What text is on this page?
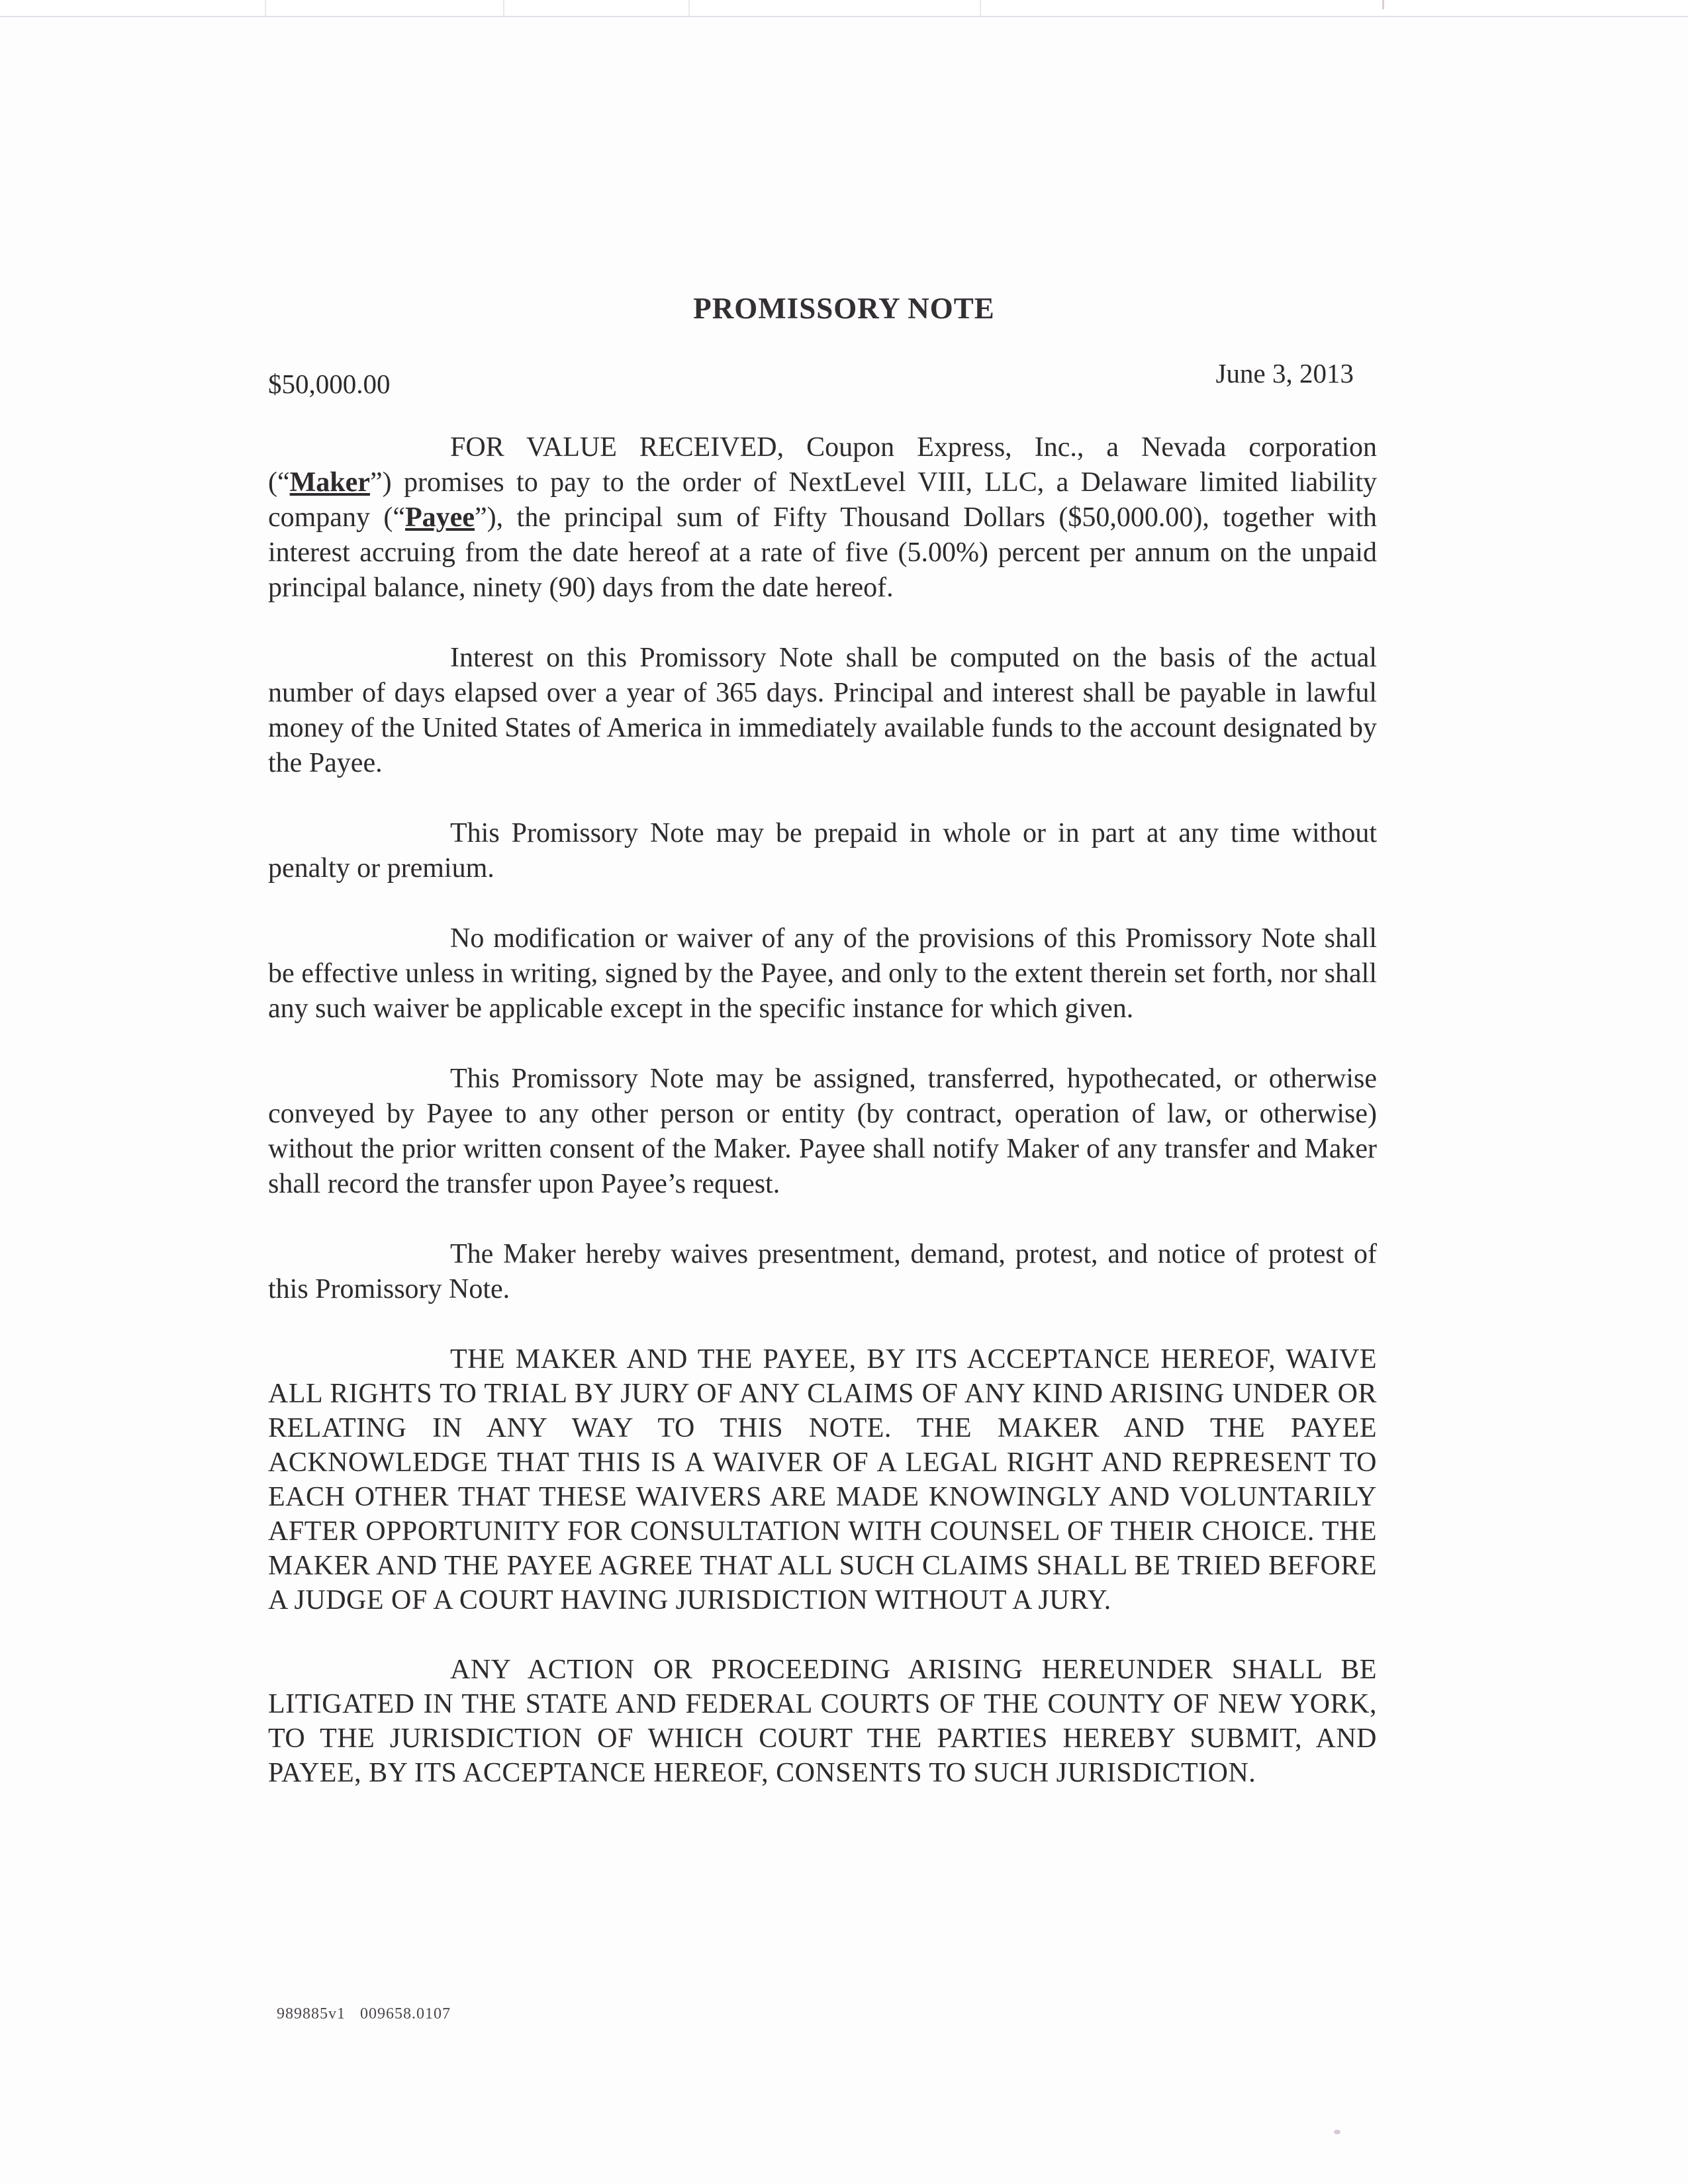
PROMISSORY NOTE
$50,000.00	June 3, 2013

FOR VALUE RECEIVED, Coupon Express, Inc., a Nevada corporation (“Maker”) promises to pay to the order of NextLevel VIII, LLC, a Delaware limited liability company (“Payee”), the principal sum of Fifty Thousand Dollars ($50,000.00), together with interest accruing from the date hereof at a rate of five (5.00%) percent per annum on the unpaid principal balance, ninety (90) days from the date hereof.

Interest on this Promissory Note shall be computed on the basis of the actual number of days elapsed over a year of 365 days. Principal and interest shall be payable in lawful money of the United States of America in immediately available funds to the account designated by the Payee.

This Promissory Note may be prepaid in whole or in part at any time without penalty or premium.

No modification or waiver of any of the provisions of this Promissory Note shall be effective unless in writing, signed by the Payee, and only to the extent therein set forth, nor shall any such waiver be applicable except in the specific instance for which given.

This Promissory Note may be assigned, transferred, hypothecated, or otherwise conveyed by Payee to any other person or entity (by contract, operation of law, or otherwise) without the prior written consent of the Maker. Payee shall notify Maker of any transfer and Maker shall record the transfer upon Payee’s request.

The Maker hereby waives presentment, demand, protest, and notice of protest of this Promissory Note.

THE MAKER AND THE PAYEE, BY ITS ACCEPTANCE HEREOF, WAIVE ALL RIGHTS TO TRIAL BY JURY OF ANY CLAIMS OF ANY KIND ARISING UNDER OR RELATING IN ANY WAY TO THIS NOTE. THE MAKER AND THE PAYEE ACKNOWLEDGE THAT THIS IS A WAIVER OF A LEGAL RIGHT AND REPRESENT TO EACH OTHER THAT THESE WAIVERS ARE MADE KNOWINGLY AND VOLUNTARILY AFTER OPPORTUNITY FOR CONSULTATION WITH COUNSEL OF THEIR CHOICE. THE MAKER AND THE PAYEE AGREE THAT ALL SUCH CLAIMS SHALL BE TRIED BEFORE A JUDGE OF A COURT HAVING JURISDICTION WITHOUT A JURY.

ANY ACTION OR PROCEEDING ARISING HEREUNDER SHALL BE LITIGATED IN THE STATE AND FEDERAL COURTS OF THE COUNTY OF NEW YORK, TO THE JURISDICTION OF WHICH COURT THE PARTIES HEREBY SUBMIT, AND PAYEE, BY ITS ACCEPTANCE HEREOF, CONSENTS TO SUCH JURISDICTION.

989885v1 009658.0107
